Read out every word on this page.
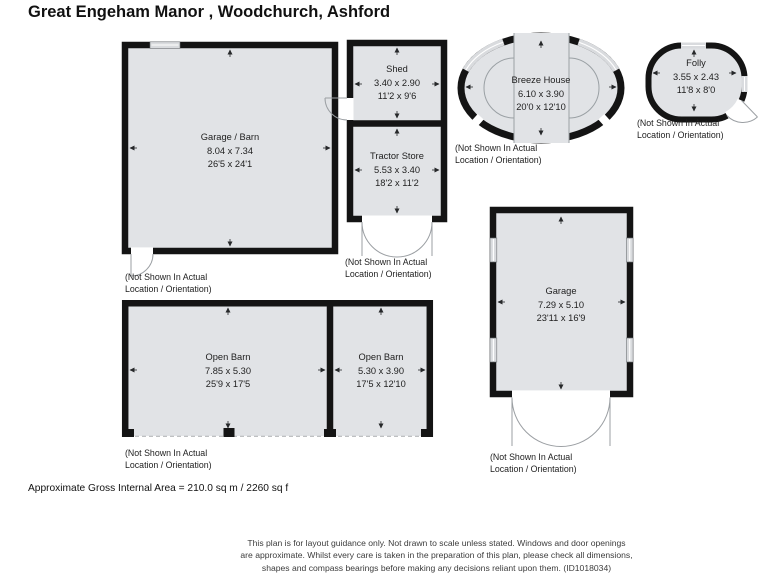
Great Engeham Manor , Woodchurch, Ashford
Garage / Barn
8.04 x 7.34
26'5 x 24'1
Shed
3.40 x 2.90
11'2 x 9'6
Tractor Store
5.53 x 3.40
18'2 x 11'2
Breeze House
6.10 x 3.90
20'0 x 12'10
Folly
3.55 x 2.43
11'8 x 8'0
Garage
7.29 x 5.10
23'11 x 16'9
Open Barn
7.85 x 5.30
25'9 x 17'5
Open Barn
5.30 x 3.90
17'5 x 12'10
(Not Shown In Actual
Location / Orientation)
(Not Shown In Actual
Location / Orientation)
(Not Shown In Actual
Location / Orientation)
(Not Shown In Actual
Location / Orientation)
(Not Shown In Actual
Location / Orientation)
(Not Shown In Actual
Location / Orientation)
Approximate Gross Internal Area = 210.0 sq m / 2260 sq f
This plan is for layout guidance only. Not drawn to scale unless stated. Windows and door openings
are approximate. Whilst every care is taken in the preparation of this plan, please check all dimensions,
shapes and compass bearings before making any decisions reliant upon them. (ID1018034)
